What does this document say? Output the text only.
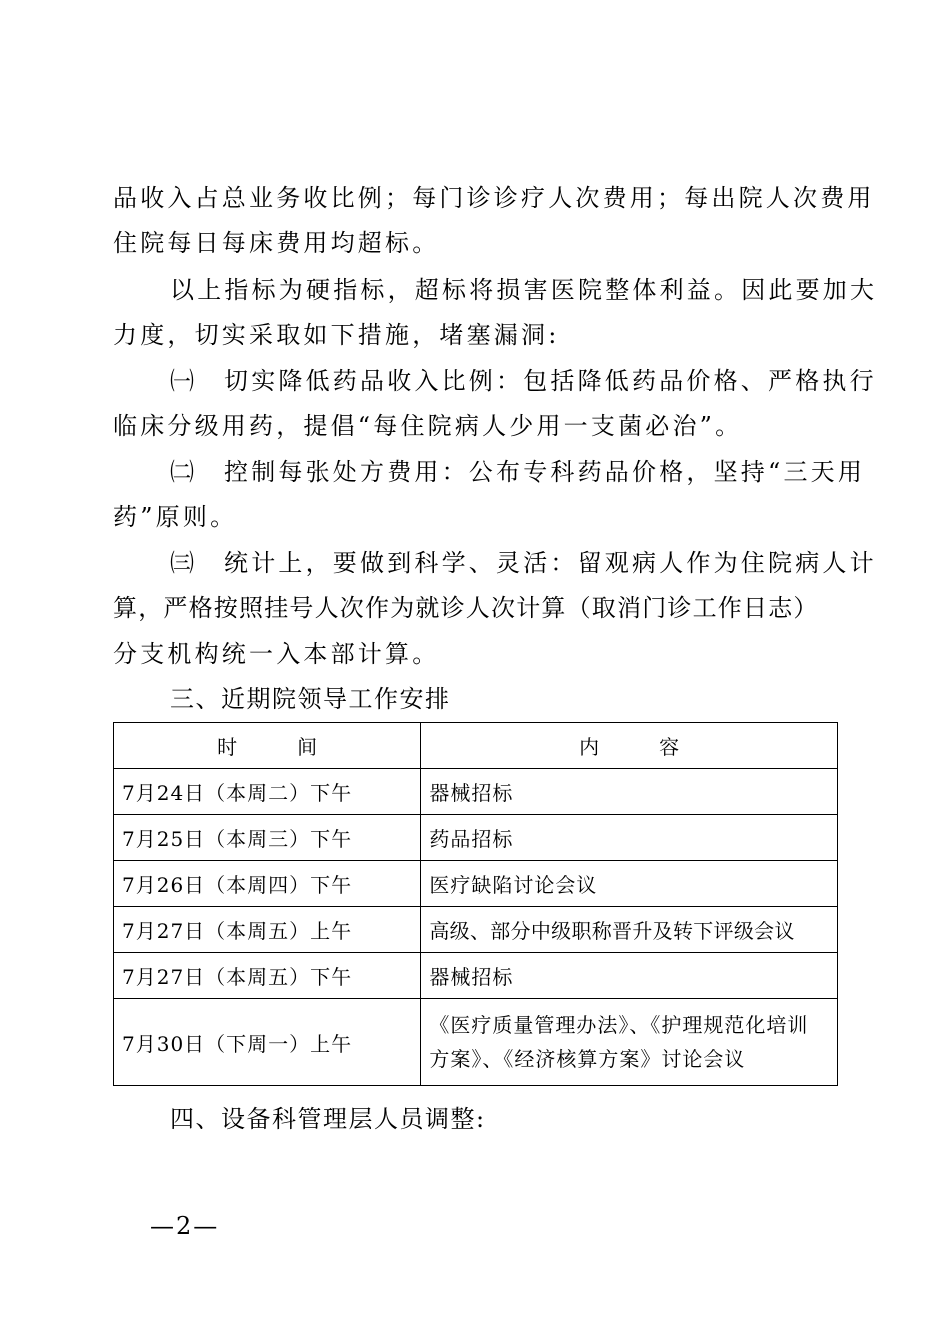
品收入占总业务收比例；每门诊诊疗人次费用；每出院人次费用
住院每日每床费用均超标。
以上指标为硬指标，超标将损害医院整体利益。因此要加大
力度，切实采取如下措施，堵塞漏洞:
㈠ 切实降低药品收入比例：包括降低药品价格、严格执行
临床分级用药，提倡“每住院病人少用一支菌必治”。
㈡ 控制每张处方费用：公布专科药品价格，坚持“三天用
药”原则。
㈢ 统计上，要做到科学、灵活：留观病人作为住院病人计
算，严格按照挂号人次作为就诊人次计算（取消门诊工作日志）
分支机构统一入本部计算。
三、近期院领导工作安排
时　　　间	内　　　容
7月24日（本周二）下午	器械招标
7月25日（本周三）下午	药品招标
7月26日（本周四）下午	医疗缺陷讨论会议
7月27日（本周五）上午	高级、部分中级职称晋升及转下评级会议
7月27日（本周五）下午	器械招标
7月30日（下周一）上午	《医疗质量管理办法》、《护理规范化培训方案》、《经济核算方案》讨论会议
四、设备科管理层人员调整:
—2—
